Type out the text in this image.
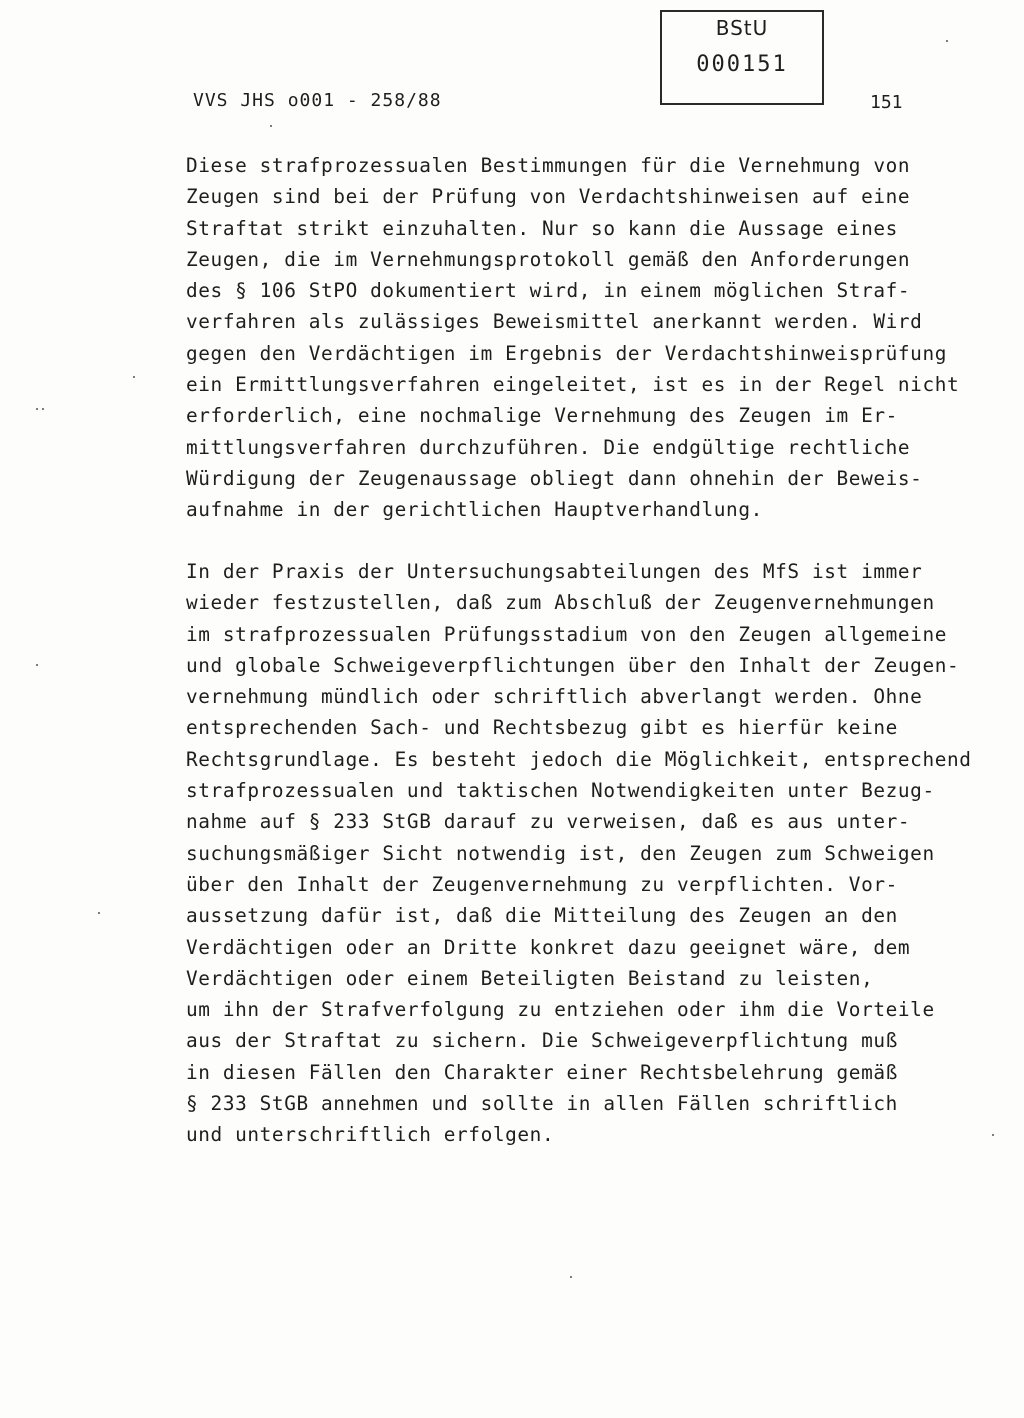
VVS JHS o001 - 258/88
BStU
000151
151
Diese strafprozessualen Bestimmungen für die Vernehmung von
Zeugen sind bei der Prüfung von Verdachtshinweisen auf eine
Straftat strikt einzuhalten. Nur so kann die Aussage eines
Zeugen, die im Vernehmungsprotokoll gemäß den Anforderungen
des § 106 StPO dokumentiert wird, in einem möglichen Straf-
verfahren als zulässiges Beweismittel anerkannt werden. Wird
gegen den Verdächtigen im Ergebnis der Verdachtshinweisprüfung
ein Ermittlungsverfahren eingeleitet, ist es in der Regel nicht
erforderlich, eine nochmalige Vernehmung des Zeugen im Er-
mittlungsverfahren durchzuführen. Die endgültige rechtliche
Würdigung der Zeugenaussage obliegt dann ohnehin der Beweis-
aufnahme in der gerichtlichen Hauptverhandlung.
In der Praxis der Untersuchungsabteilungen des MfS ist immer
wieder festzustellen, daß zum Abschluß der Zeugenvernehmungen
im strafprozessualen Prüfungsstadium von den Zeugen allgemeine
und globale Schweigeverpflichtungen über den Inhalt der Zeugen-
vernehmung mündlich oder schriftlich abverlangt werden. Ohne
entsprechenden Sach- und Rechtsbezug gibt es hierfür keine
Rechtsgrundlage. Es besteht jedoch die Möglichkeit, entsprechend
strafprozessualen und taktischen Notwendigkeiten unter Bezug-
nahme auf § 233 StGB darauf zu verweisen, daß es aus unter-
suchungsmäßiger Sicht notwendig ist, den Zeugen zum Schweigen
über den Inhalt der Zeugenvernehmung zu verpflichten. Vor-
aussetzung dafür ist, daß die Mitteilung des Zeugen an den
Verdächtigen oder an Dritte konkret dazu geeignet wäre, dem
Verdächtigen oder einem Beteiligten Beistand zu leisten,
um ihn der Strafverfolgung zu entziehen oder ihm die Vorteile
aus der Straftat zu sichern. Die Schweigeverpflichtung muß
in diesen Fällen den Charakter einer Rechtsbelehrung gemäß
§ 233 StGB annehmen und sollte in allen Fällen schriftlich
und unterschriftlich erfolgen.
